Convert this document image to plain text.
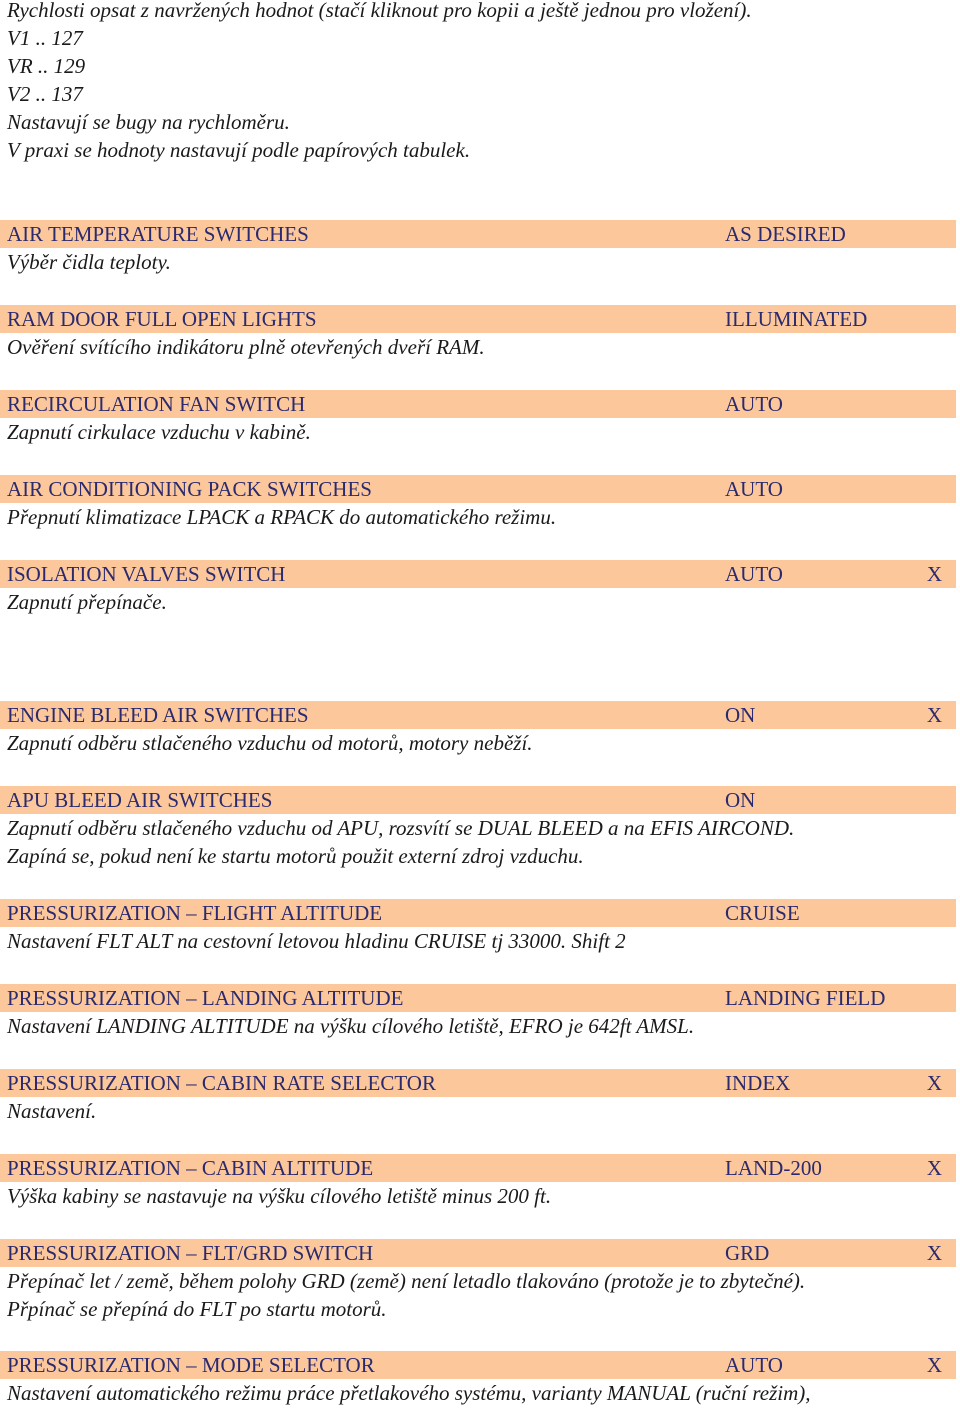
Rychlosti opsat z navržených hodnot (stačí kliknout pro kopii a ještě jednou pro vložení).
V1 .. 127
VR .. 129
V2 .. 137
Nastavují se bugy na rychloměru.
V praxi se hodnoty nastavují podle papírových tabulek.
AIR TEMPERATURE SWITCHES	AS DESIRED
Výběr čidla teploty.
RAM DOOR FULL OPEN LIGHTS	ILLUMINATED
Ověření svítícího indikátoru plně otevřených dveří RAM.
RECIRCULATION FAN SWITCH	AUTO
Zapnutí cirkulace vzduchu v kabině.
AIR CONDITIONING PACK SWITCHES	AUTO
Přepnutí klimatizace LPACK a RPACK do automatického režimu.
ISOLATION VALVES SWITCH	AUTO	X
Zapnutí přepínače.
ENGINE BLEED AIR SWITCHES	ON	X
Zapnutí odběru stlačeného vzduchu od motorů, motory neběží.
APU BLEED AIR SWITCHES	ON
Zapnutí odběru stlačeného vzduchu od APU, rozsvítí se DUAL BLEED a na EFIS AIRCOND.
Zapíná se, pokud není ke startu motorů použit externí zdroj vzduchu.
PRESSURIZATION – FLIGHT ALTITUDE	CRUISE
Nastavení FLT ALT na cestovní letovou hladinu CRUISE tj 33000. Shift 2
PRESSURIZATION – LANDING ALTITUDE	LANDING FIELD
Nastavení LANDING ALTITUDE na výšku cílového letiště, EFRO je 642ft AMSL.
PRESSURIZATION – CABIN RATE SELECTOR	INDEX	X
Nastavení.
PRESSURIZATION – CABIN ALTITUDE	LAND-200	X
Výška kabiny se nastavuje na výšku cílového letiště minus 200 ft.
PRESSURIZATION – FLT/GRD SWITCH	GRD	X
Přepínač let / země, během polohy GRD (země) není letadlo tlakováno (protože je to zbytečné).
Přpínač se přepíná do FLT po startu motorů.
PRESSURIZATION – MODE SELECTOR	AUTO	X
Nastavení automatického režimu práce přetlakového systému, varianty MANUAL (ruční režim),
